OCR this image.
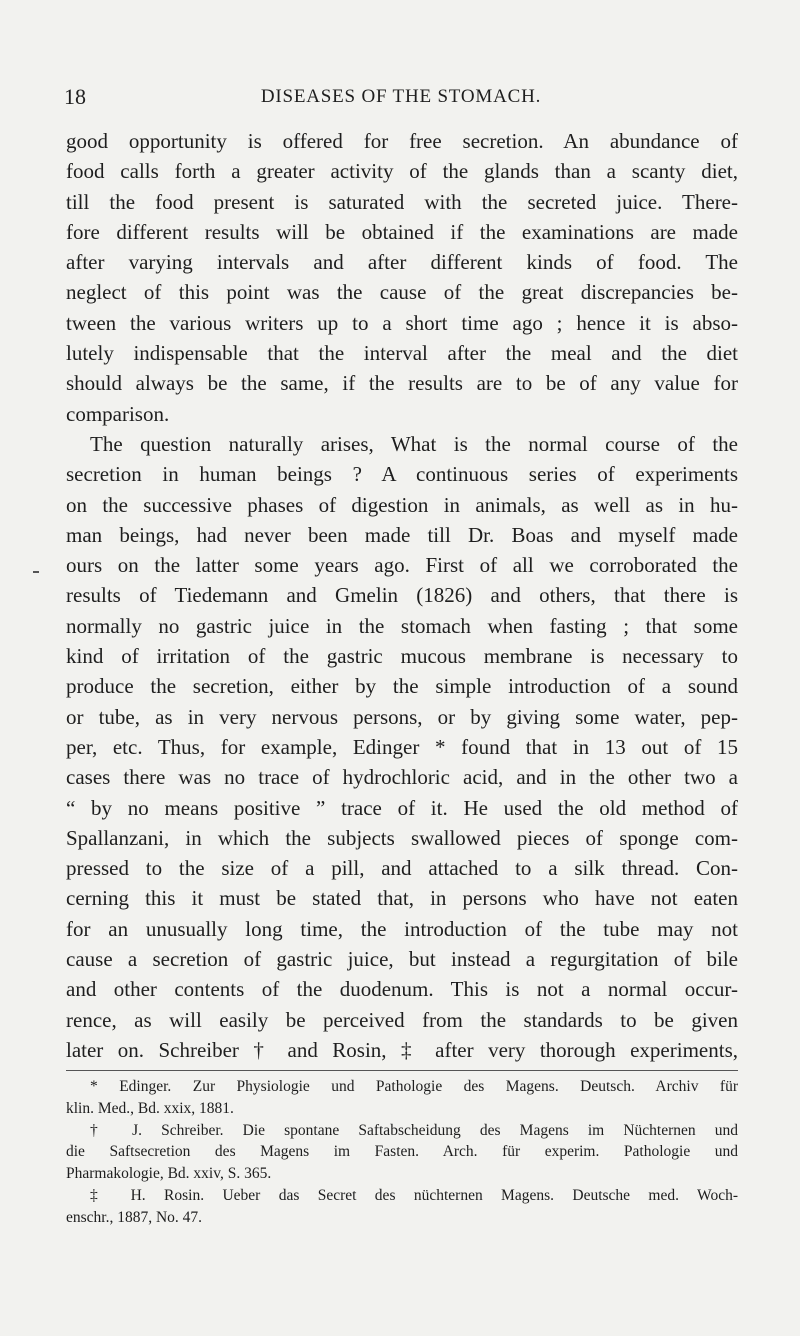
18	DISEASES OF THE STOMACH.
good opportunity is offered for free secretion. An abundance of
food calls forth a greater activity of the glands than a scanty diet,
till the food present is saturated with the secreted juice. There-
fore different results will be obtained if the examinations are made
after varying intervals and after different kinds of food. The
neglect of this point was the cause of the great discrepancies be-
tween the various writers up to a short time ago ; hence it is abso-
lutely indispensable that the interval after the meal and the diet
should always be the same, if the results are to be of any value for
comparison.
The question naturally arises, What is the normal course of the
secretion in human beings ? A continuous series of experiments
on the successive phases of digestion in animals, as well as in hu-
man beings, had never been made till Dr. Boas and myself made
ours on the latter some years ago. First of all we corroborated the
results of Tiedemann and Gmelin (1826) and others, that there is
normally no gastric juice in the stomach when fasting ; that some
kind of irritation of the gastric mucous membrane is necessary to
produce the secretion, either by the simple introduction of a sound
or tube, as in very nervous persons, or by giving some water, pep-
per, etc. Thus, for example, Edinger * found that in 13 out of 15
cases there was no trace of hydrochloric acid, and in the other two a
“ by no means positive ” trace of it. He used the old method of
Spallanzani, in which the subjects swallowed pieces of sponge com-
pressed to the size of a pill, and attached to a silk thread. Con-
cerning this it must be stated that, in persons who have not eaten
for an unusually long time, the introduction of the tube may not
cause a secretion of gastric juice, but instead a regurgitation of bile
and other contents of the duodenum. This is not a normal occur-
rence, as will easily be perceived from the standards to be given
later on. Schreiber † and Rosin, ‡ after very thorough experiments,
* Edinger. Zur Physiologie und Pathologie des Magens. Deutsch. Archiv für
klin. Med., Bd. xxix, 1881.
† J. Schreiber. Die spontane Saftabscheidung des Magens im Nüchternen und
die Saftsecretion des Magens im Fasten. Arch. für experim. Pathologie und
Pharmakologie, Bd. xxiv, S. 365.
‡ H. Rosin. Ueber das Secret des nüchternen Magens. Deutsche med. Woch-
enschr., 1887, No. 47.
